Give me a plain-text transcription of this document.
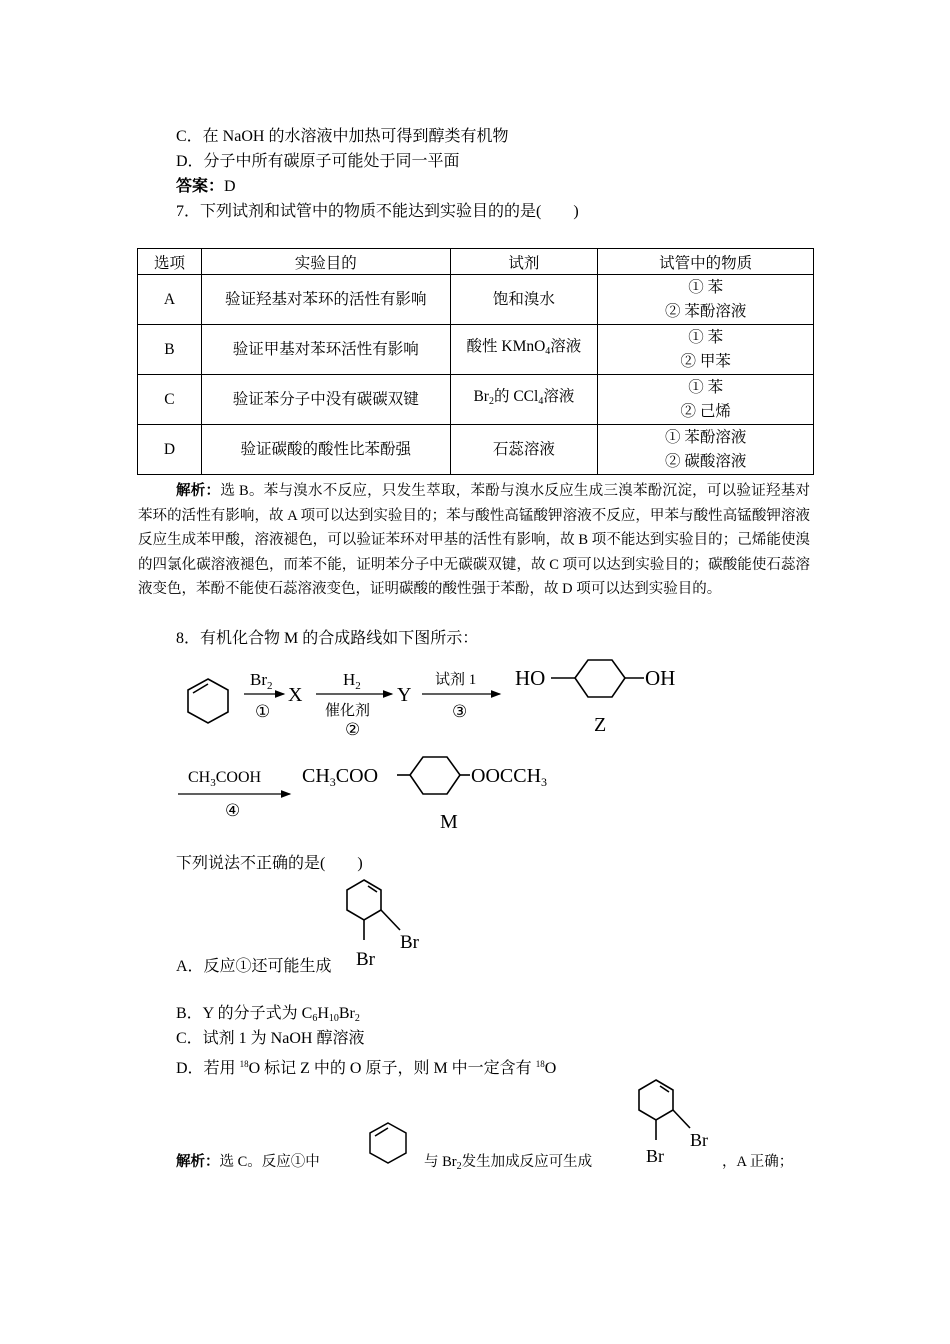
C．在 NaOH 的水溶液中加热可得到醇类有机物
D．分子中所有碳原子可能处于同一平面
答案：D
7．下列试剂和试管中的物质不能达到实验目的的是(　　)
选项	实验目的	试剂	试管中的物质
A	验证羟基对苯环的活性有影响	饱和溴水	① 苯
② 苯酚溶液

B	验证甲基对苯环活性有影响	酸性 KMnO$_4$溶液	① 苯
② 甲苯

C	验证苯分子中没有碳碳双键	$Br_2$的 CCl$_4$溶液	① 苯
② 己烯

D	验证碳酸的酸性比苯酚强	石蕊溶液	① 苯酚溶液
② 碳酸溶液
解析：选 B。苯与溴水不反应，只发生萃取，苯酚与溴水反应生成三溴苯酚沉淀，可以验证羟基对苯环的活性有影响，故 A 项可以达到实验目的；苯与酸性高锰酸钾溶液不反应，甲苯与酸性高锰酸钾溶液反应生成苯甲酸，溶液褪色，可以验证苯环对甲基的活性有影响，故 B 项不能达到实验目的；己烯能使溴的四氯化碳溶液褪色，而苯不能，证明苯分子中无碳碳双键，故 C 项可以达到实验目的；碳酸能使石蕊溶液变色，苯酚不能使石蕊溶液变色，证明碳酸的酸性强于苯酚，故 D 项可以达到实验目的。
8．有机化合物 M 的合成路线如下图所示：
$Br_2$
①
X
$H_2$
催化剂
②
Y
试剂 1
③
HO	OH
Z
$CH_3COOH$
④
$CH_3COO$	$OOCCH_3$
M
下列说法不正确的是(　　)
Br
Br
A．反应①还可能生成
B．Y 的分子式为 $C_6H_{10}Br_2$
C．试剂 1 为 NaOH 醇溶液
D．若用 $^{18}$O 标记 Z 中的 O 原子，则 M 中一定含有 $^{18}$O
解析：选 C。反应①中	与 $Br_2$发生加成反应可生成
Br
Br	，A 正确；
